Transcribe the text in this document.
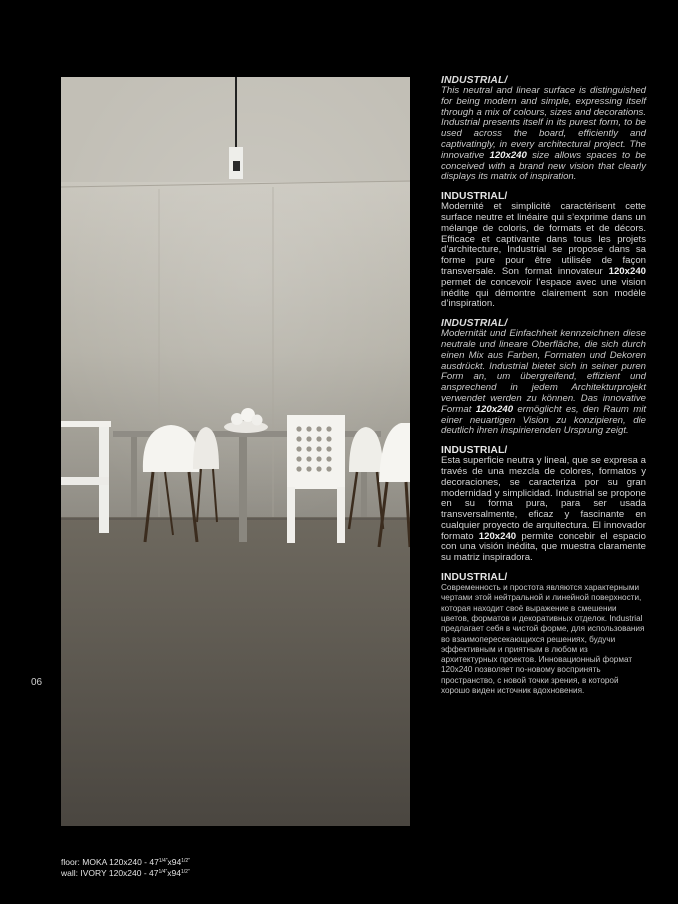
06
floor: MOKA $120x240 - 47^{1/4"}x94^{1/2"}$
wall: IVORY $120x240 - 47^{1/4"}x94^{1/2"}$
INDUSTRIAL/

This neutral and linear surface is distinguished for being modern and simple, expressing itself through a mix of colours, sizes and decorations. Industrial presents itself in its purest form, to be used across the board, efficiently and captivatingly, in every architectural project. The innovative 120x240 size allows spaces to be conceived with a brand new vision that clearly displays its matrix of inspiration.

INDUSTRIAL/

Modernité et simplicité caractérisent cette surface neutre et linéaire qui s’exprime dans un mélange de coloris, de formats et de décors. Efficace et captivante dans tous les projets d’architecture, Industrial se propose dans sa forme pure pour être utilisée de façon transversale. Son format innovateur 120x240 permet de concevoir l’espace avec une vision inédite qui démontre clairement son modèle d’inspiration.

INDUSTRIAL/

Modernität und Einfachheit kennzeichnen diese neutrale und lineare Oberfläche, die sich durch einen Mix aus Farben, Formaten und Dekoren ausdrückt. Industrial bietet sich in seiner puren Form an, um übergreifend, effizient und ansprechend in jedem Architekturprojekt verwendet werden zu können. Das innovative Format 120x240 ermöglicht es, den Raum mit einer neuartigen Vision zu konzipieren, die deutlich ihren inspirierenden Ursprung zeigt.

INDUSTRIAL/

Esta superficie neutra y lineal, que se expresa a través de una mezcla de colores, formatos y decoraciones, se caracteriza por su gran modernidad y simplicidad. Industrial se propone en su forma pura, para ser usada transversalmente, eficaz y fascinante en cualquier proyecto de arquitectura. El innovador formato 120x240 permite concebir el espacio con una visión inédita, que muestra claramente su matriz inspiradora.

INDUSTRIAL/

Современность и простота являются характерными чертами этой нейтральной и линейной поверхности, которая находит своё выражение в смешении цветов, форматов и декоративных отделок. Industrial предлагает себя в чистой форме, для использования во взаимопересекающихся решениях, будучи эффективным и приятным в любом из архитектурных проектов. Инновационный формат 120x240 позволяет по-новому воспринять пространство, с новой точки зрения, в которой хорошо виден источник вдохновения.
